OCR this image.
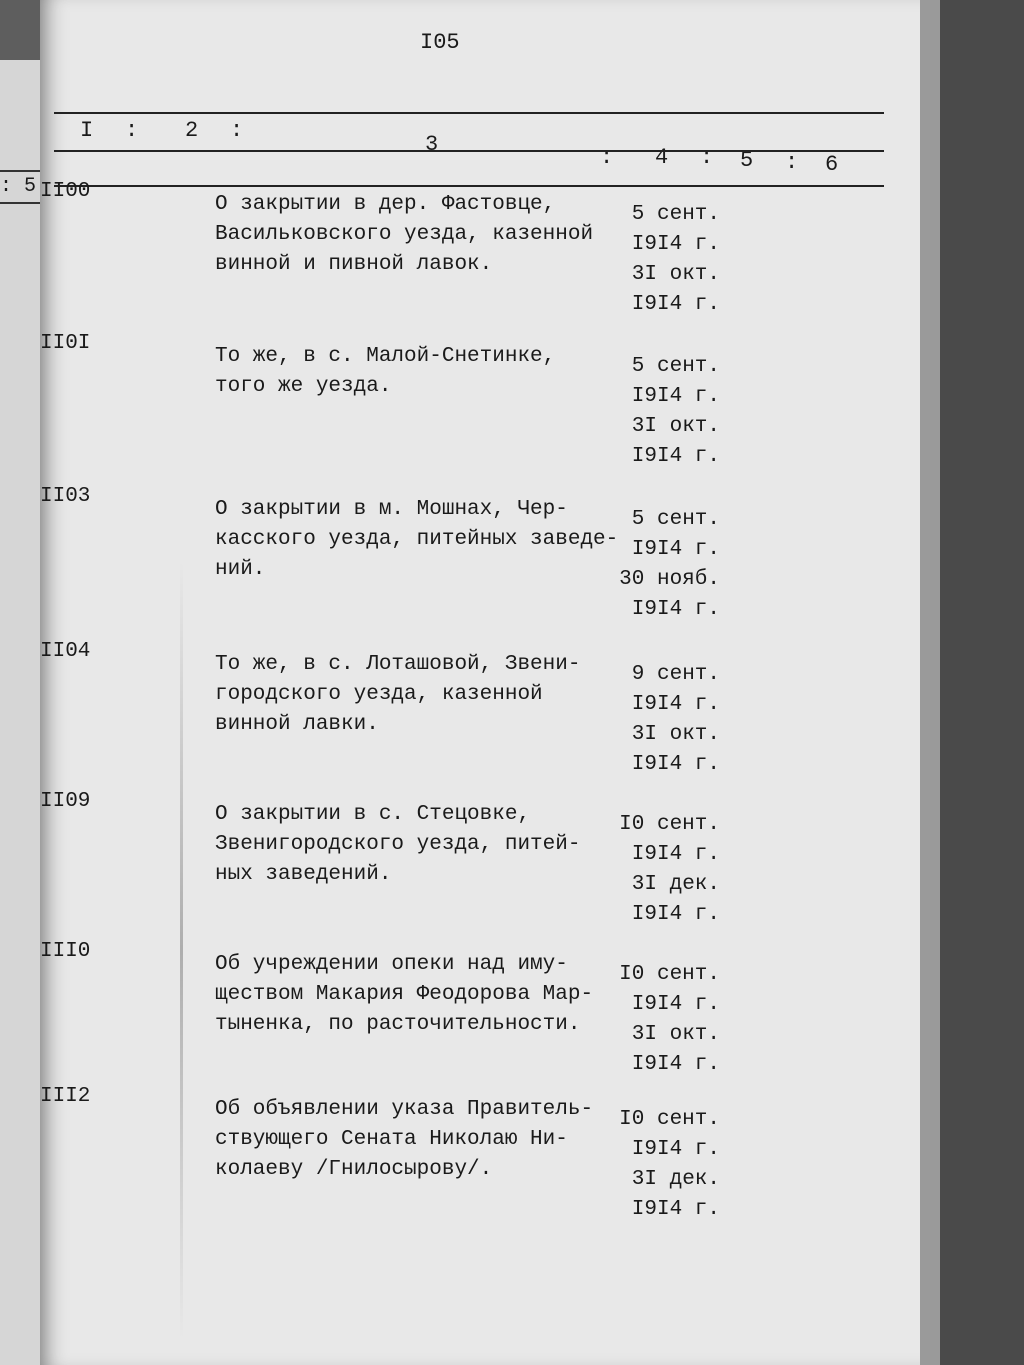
: 5
I05
I : 2 :
3
: 4 : 5 : 6
II00
О закрытии в дер. Фастовце,
Васильковского уезда, казенной
винной и пивной лавок.
5 сент.
I9I4 г.
3I окт.
I9I4 г.
II0I
То же, в с. Малой-Снетинке,
того же уезда.
5 сент.
I9I4 г.
3I окт.
I9I4 г.
II03
О закрытии в м. Мошнах, Чер-
касского уезда, питейных заведе-
ний.
5 сент.
I9I4 г.
30 нояб.
I9I4 г.
II04
То же, в с. Лоташовой, Звени-
городского уезда, казенной
винной лавки.
9 сент.
I9I4 г.
3I окт.
I9I4 г.
II09
О закрытии в с. Стецовке,
Звенигородского уезда, питей-
ных заведений.
I0 сент.
I9I4 г.
3I дек.
I9I4 г.
III0
Об учреждении опеки над иму-
ществом Макария Феодорова Мар-
тыненка, по расточительности.
I0 сент.
I9I4 г.
3I окт.
I9I4 г.
III2
Об объявлении указа Правитель-
ствующего Сената Николаю Ни-
колаеву /Гнилосырову/.
I0 сент.
I9I4 г.
3I дек.
I9I4 г.
